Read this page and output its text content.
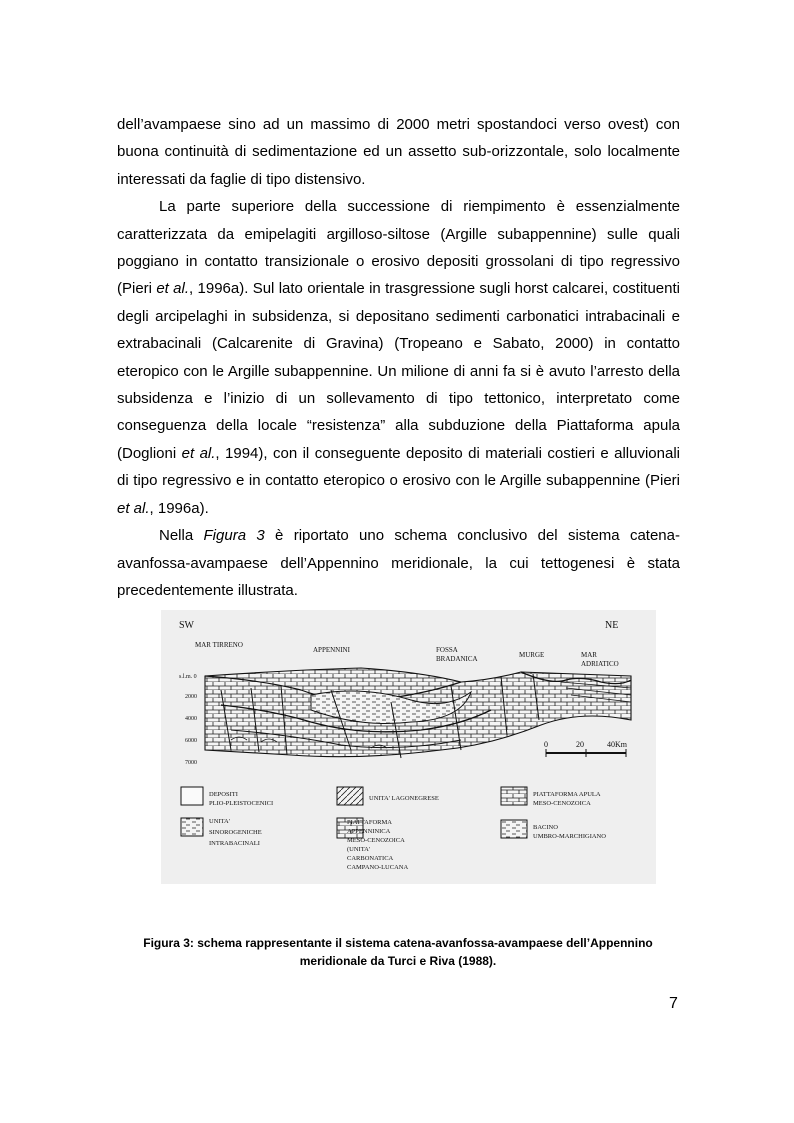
dell’avampaese sino ad un massimo di 2000 metri spostandoci verso ovest) con buona continuità di sedimentazione ed un assetto sub-orizzontale, solo localmente interessati da faglie di tipo distensivo.

La parte superiore della successione di riempimento è essenzialmente caratterizzata da emipelagiti argilloso-siltose (Argille subappennine) sulle quali poggiano in contatto transizionale o erosivo depositi grossolani di tipo regressivo (Pieri et al., 1996a). Sul lato orientale in trasgressione sugli horst calcarei, costituenti degli arcipelaghi in subsidenza, si depositano sedimenti carbonatici intrabacinali e extrabacinali (Calcarenite di Gravina) (Tropeano e Sabato, 2000) in contatto eteropico con le Argille subappennine. Un milione di anni fa si è avuto l’arresto della subsidenza e l’inizio di un sollevamento di tipo tettonico, interpretato come conseguenza della locale “resistenza” alla subduzione della Piattaforma apula (Doglioni et al., 1994), con il conseguente deposito di materiali costieri e alluvionali di tipo regressivo e in contatto eteropico o erosivo con le Argille subappennine (Pieri et al., 1996a).

Nella Figura 3 è riportato uno schema conclusivo del sistema catena-avanfossa-avampaese dell’Appennino meridionale, la cui tettogenesi è stata precedentemente illustrata.

SW	NE
MAR TIRRENO
APPENNINI	FOSSA
BRADANICA	MURGE	MAR
ADRIATICO
s.l.m. 0
2000
4000
6000
7000
0	20	40Km
DEPOSITI
PLIO-PLEISTOCENICI
UNITA'
SINOROGENICHE
INTRABACINALI
UNITA' LAGONEGRESE
PIATTAFORMA
APPENNINICA
MESO-CENOZOICA
(UNITA'
CARBONATICA
CAMPANO-LUCANA
PIATTAFORMA APULA
MESO-CENOZOICA
BACINO
UMBRO-MARCHIGIANO

Figura 3: schema rappresentante il sistema catena-avanfossa-avampaese dell’Appennino meridionale da Turci e Riva (1988).

7
